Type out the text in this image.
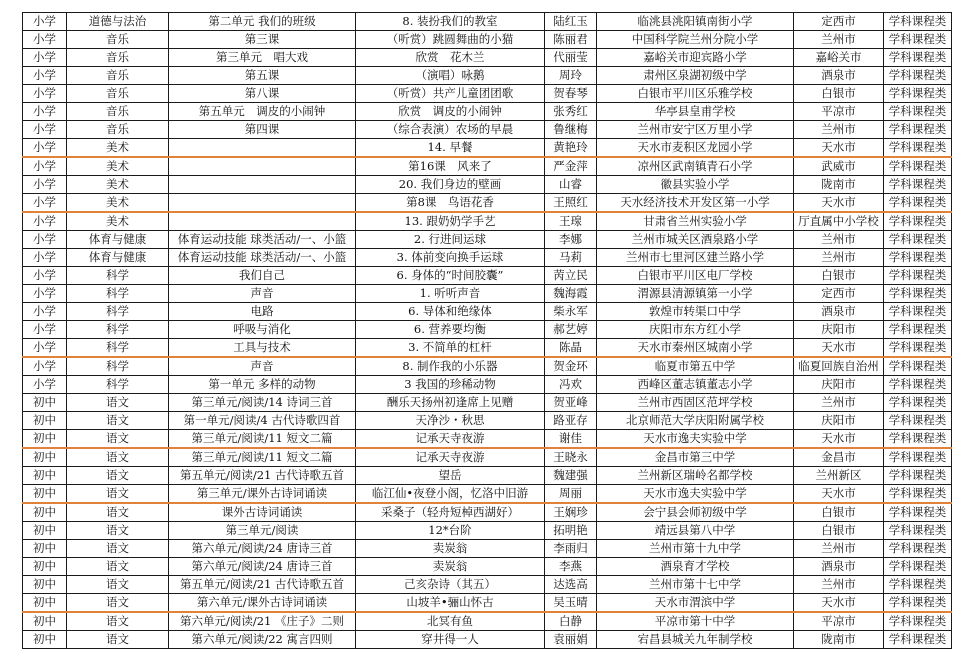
小学	道德与法治	第二单元 我们的班级	8. 装扮我们的教室	陆红玉	临洮县洮阳镇南街小学	定西市	学科课程类
小学	音乐	第三课	（听赏）跳圆舞曲的小猫	陈丽君	中国科学院兰州分院小学	兰州市	学科课程类
小学	音乐	第三单元　唱大戏	欣赏　花木兰	代丽莹	嘉峪关市迎宾路小学	嘉峪关市	学科课程类
小学	音乐	第五课	（演唱）咏鹅	周玲	肃州区泉湖初级中学	酒泉市	学科课程类
小学	音乐	第八课	（听赏）共产儿童团团歌	贺春琴	白银市平川区乐雅学校	白银市	学科课程类
小学	音乐	第五单元　调皮的小闹钟	欣赏　调皮的小闹钟	张秀红	华亭县皇甫学校	平凉市	学科课程类
小学	音乐	第四课	（综合表演）农场的早晨	鲁继梅	兰州市安宁区万里小学	兰州市	学科课程类
小学	美术		14. 早餐	黄艳玲	天水市麦积区龙园小学	天水市	学科课程类
小学	美术		第16课　风来了	严金萍	凉州区武南镇青石小学	武威市	学科课程类
小学	美术		20. 我们身边的壁画	山睿	徽县实验小学	陇南市	学科课程类
小学	美术		第8课　鸟语花香	王照红	天水经济技术开发区第一小学	天水市	学科课程类
小学	美术		13. 跟奶奶学手艺	王瑔	甘肃省兰州实验小学	厅直属中小学校	学科课程类
小学	体育与健康	体育运动技能 球类活动/一、小篮	2. 行进间运球	李娜	兰州市城关区酒泉路小学	兰州市	学科课程类
小学	体育与健康	体育运动技能 球类活动/一、小篮	3. 体前变向换手运球	马莉	兰州市七里河区建兰路小学	兰州市	学科课程类
小学	科学	我们自己	6. 身体的“时间胶囊”	苪立民	白银市平川区电厂学校	白银市	学科课程类
小学	科学	声音	1. 听听声音	魏海霞	渭源县清源镇第一小学	定西市	学科课程类
小学	科学	电路	6. 导体和绝缘体	柴永军	敦煌市转渠口中学	酒泉市	学科课程类
小学	科学	呼吸与消化	6. 营养要均衡	郝艺婷	庆阳市东方红小学	庆阳市	学科课程类
小学	科学	工具与技术	3. 不简单的杠杆	陈晶	天水市秦州区城南小学	天水市	学科课程类
小学	科学	声音	8. 制作我的小乐器	贺金环	临夏市第五中学	临夏回族自治州	学科课程类
小学	科学	第一单元 多样的动物	3 我国的珍稀动物	冯欢	西峰区董志镇董志小学	庆阳市	学科课程类
初中	语文	第三单元/阅读/14 诗词三首	酬乐天扬州初逢席上见赠	贺亚峰	兰州市西固区范坪学校	兰州市	学科课程类
初中	语文	第一单元/阅读/4 古代诗歌四首	天净沙・秋思	路亚存	北京师范大学庆阳附属学校	庆阳市	学科课程类
初中	语文	第三单元/阅读/11 短文二篇	记承天寺夜游	谢佳	天水市逸夫实验中学	天水市	学科课程类
初中	语文	第三单元/阅读/11 短文二篇	记承天寺夜游	王晓永	金昌市第三中学	金昌市	学科课程类
初中	语文	第五单元/阅读/21 古代诗歌五首	望岳	魏建强	兰州新区瑞岭名都学校	兰州新区	学科课程类
初中	语文	第三单元/课外古诗词诵读	临江仙•夜登小阁，忆洛中旧游	周丽	天水市逸夫实验中学	天水市	学科课程类
初中	语文	课外古诗词诵读	采桑子（轻舟短棹西湖好）	王娴珍	会宁县会师初级中学	白银市	学科课程类
初中	语文	第三单元/阅读	12*台阶	拓明艳	靖远县第八中学	白银市	学科课程类
初中	语文	第六单元/阅读/24 唐诗三首	卖炭翁	李雨归	兰州市第十九中学	兰州市	学科课程类
初中	语文	第六单元/阅读/24 唐诗三首	卖炭翁	李燕	酒泉育才学校	酒泉市	学科课程类
初中	语文	第五单元/阅读/21 古代诗歌五首	己亥杂诗（其五）	达选高	兰州市第十七中学	兰州市	学科课程类
初中	语文	第六单元/课外古诗词诵读	山坡羊•骊山怀古	吴玉晴	天水市渭滨中学	天水市	学科课程类
初中	语文	第六单元/阅读/21 《庄子》二则	北冥有鱼	白静	平凉市第十中学	平凉市	学科课程类
初中	语文	第六单元/阅读/22 寓言四则	穿井得一人	袁丽娟	宕昌县城关九年制学校	陇南市	学科课程类
